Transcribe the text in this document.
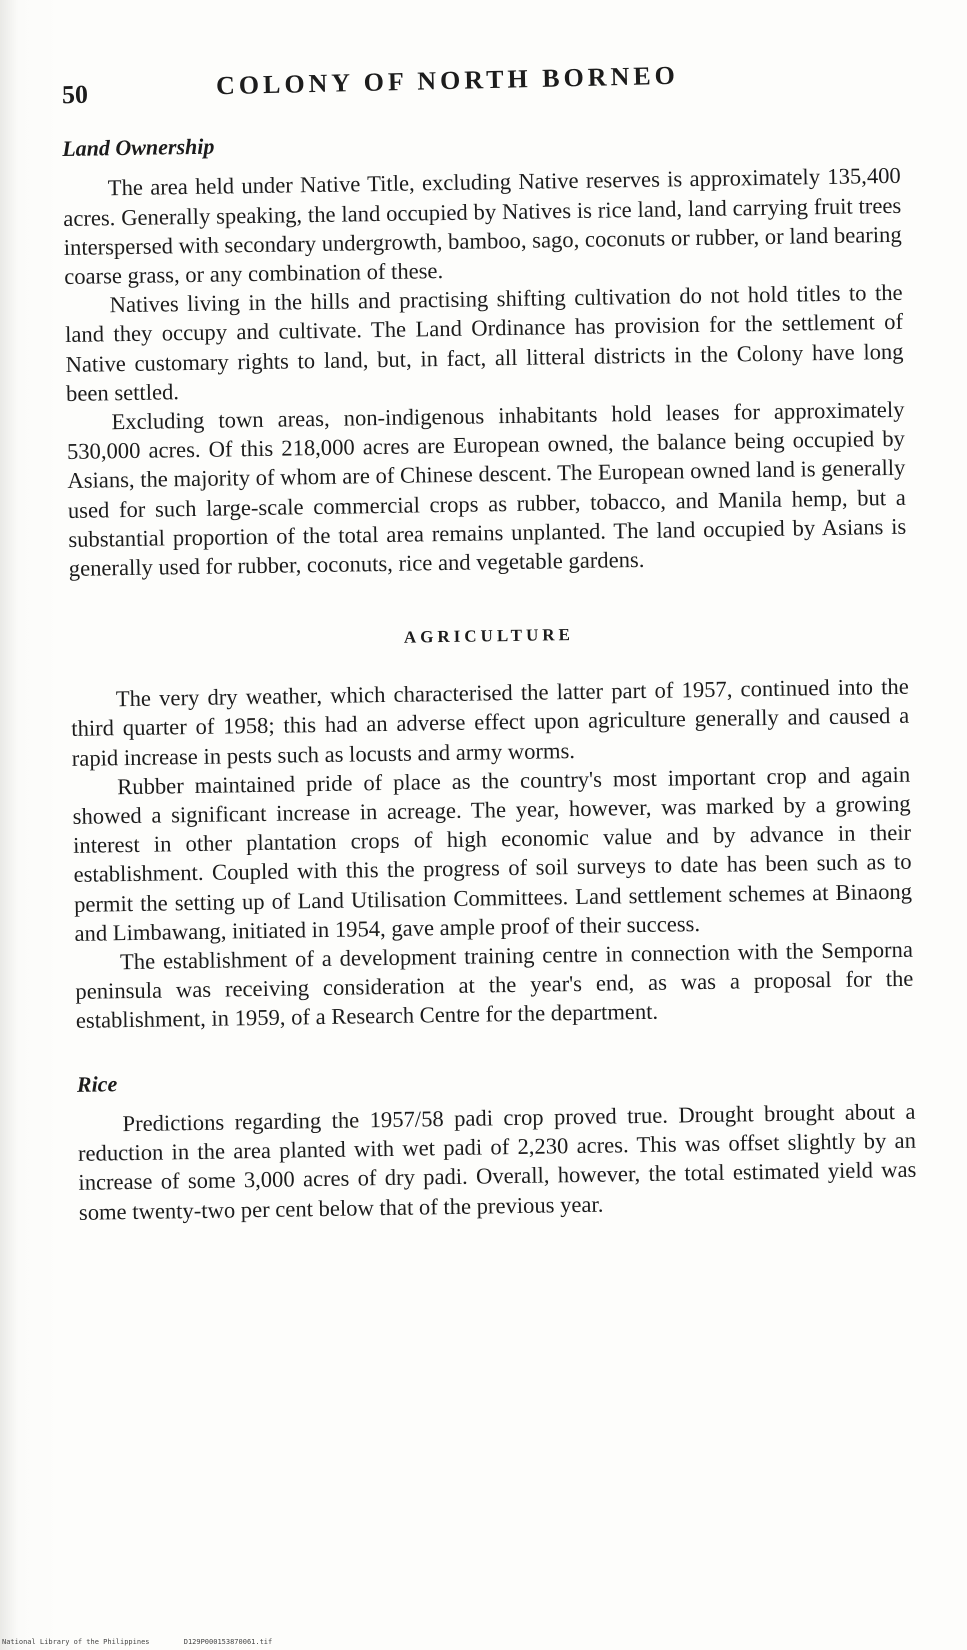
50	COLONY OF NORTH BORNEO
Land Ownership

The area held under Native Title, excluding Native reserves is approximately 135,400 acres. Generally speaking, the land occupied by Natives is rice land, land carrying fruit trees interspersed with secondary undergrowth, bamboo, sago, coconuts or rubber, or land bearing coarse grass, or any combination of these.

Natives living in the hills and practising shifting cultivation do not hold titles to the land they occupy and cultivate. The Land Ordinance has provision for the settlement of Native customary rights to land, but, in fact, all litteral districts in the Colony have long been settled.

Excluding town areas, non-indigenous inhabitants hold leases for approximately 530,000 acres. Of this 218,000 acres are European owned, the balance being occupied by Asians, the majority of whom are of Chinese descent. The European owned land is generally used for such large-scale commercial crops as rubber, tobacco, and Manila hemp, but a substantial proportion of the total area remains unplanted. The land occupied by Asians is generally used for rubber, coconuts, rice and vegetable gardens.

AGRICULTURE

The very dry weather, which characterised the latter part of 1957, continued into the third quarter of 1958; this had an adverse effect upon agriculture generally and caused a rapid increase in pests such as locusts and army worms.

Rubber maintained pride of place as the country's most important crop and again showed a significant increase in acreage. The year, however, was marked by a growing interest in other plantation crops of high economic value and by advance in their establishment. Coupled with this the progress of soil surveys to date has been such as to permit the setting up of Land Utilisation Committees. Land settlement schemes at Binaong and Limbawang, initiated in 1954, gave ample proof of their success.

The establishment of a development training centre in connection with the Semporna peninsula was receiving consideration at the year's end, as was a proposal for the establishment, in 1959, of a Research Centre for the department.

Rice

Predictions regarding the 1957/58 padi crop proved true. Drought brought about a reduction in the area planted with wet padi of 2,230 acres. This was offset slightly by an increase of some 3,000 acres of dry padi. Overall, however, the total estimated yield was some twenty-two per cent below that of the previous year.

National Library of the Philippines	D129P000153870061.tif
